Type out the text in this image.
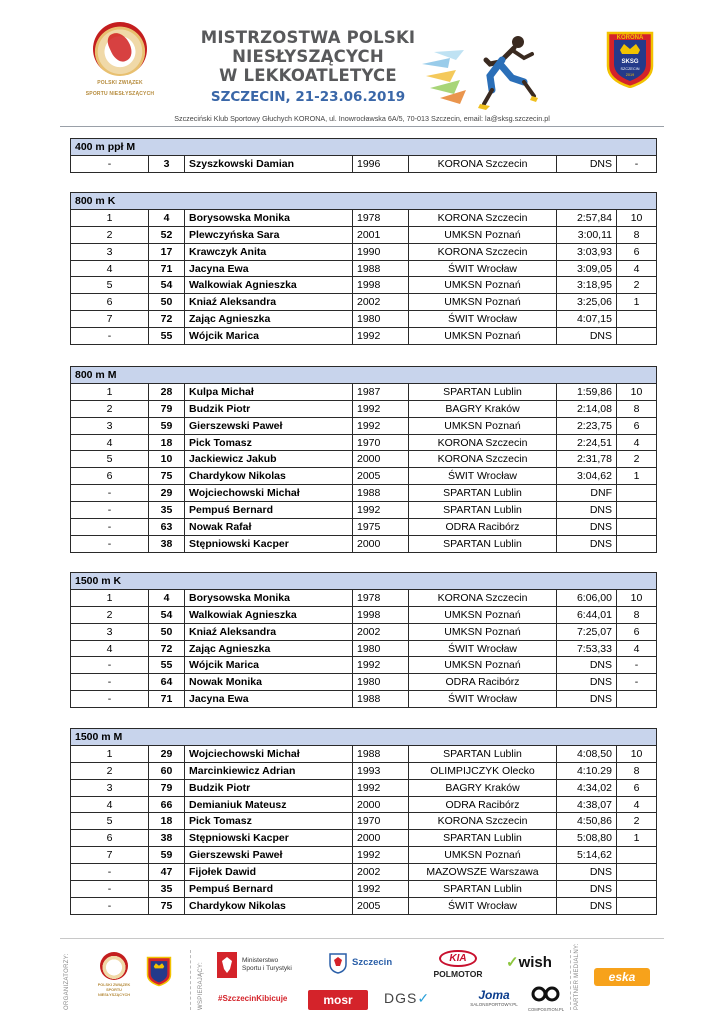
POLSKI ZWIĄZEK
SPORTU NIESŁYSZĄCYCH
MISTRZOSTWA POLSKI
NIESŁYSZĄCYCH
W LEKKOATLETYCE
SZCZECIN, 21-23.06.2019
KORONA
SKSG
SZCZECIN
2019
Szczeciński Klub Sportowy Głuchych KORONA, ul. Inowrocławska 6A/5, 70-013 Szczecin, email: la@sksg.szczecin.pl
400 m ppł M
-	3	Szyszkowski Damian	1996	KORONA Szczecin	DNS	-
800 m K						
1	4	Borysowska Monika	1978	KORONA Szczecin	2:57,84	10
2	52	Plewczyńska Sara	2001	UMKSN Poznań	3:00,11	8
3	17	Krawczyk Anita	1990	KORONA Szczecin	3:03,93	6
4	71	Jacyna Ewa	1988	ŚWIT Wrocław	3:09,05	4
5	54	Walkowiak Agnieszka	1998	UMKSN Poznań	3:18,95	2
6	50	Kniaź Aleksandra	2002	UMKSN Poznań	3:25,06	1
7	72	Zając Agnieszka	1980	ŚWIT Wrocław	4:07,15	
-	55	Wójcik Marica	1992	UMKSN Poznań	DNS	
800 m M						
1	28	Kulpa Michał	1987	SPARTAN Lublin	1:59,86	10
2	79	Budzik Piotr	1992	BAGRY Kraków	2:14,08	8
3	59	Gierszewski Paweł	1992	UMKSN Poznań	2:23,75	6
4	18	Pick Tomasz	1970	KORONA Szczecin	2:24,51	4
5	10	Jackiewicz Jakub	2000	KORONA Szczecin	2:31,78	2
6	75	Chardykow Nikolas	2005	ŚWIT Wrocław	3:04,62	1
-	29	Wojciechowski Michał	1988	SPARTAN Lublin	DNF	
-	35	Pempuś Bernard	1992	SPARTAN Lublin	DNS	
-	63	Nowak Rafał	1975	ODRA Racibórz	DNS	
-	38	Stępniowski Kacper	2000	SPARTAN Lublin	DNS	
1500 m K						
1	4	Borysowska Monika	1978	KORONA Szczecin	6:06,00	10
2	54	Walkowiak Agnieszka	1998	UMKSN Poznań	6:44,01	8
3	50	Kniaź Aleksandra	2002	UMKSN Poznań	7:25,07	6
4	72	Zając Agnieszka	1980	ŚWIT Wrocław	7:53,33	4
-	55	Wójcik Marica	1992	UMKSN Poznań	DNS	-
-	64	Nowak Monika	1980	ODRA Racibórz	DNS	-
-	71	Jacyna Ewa	1988	ŚWIT Wrocław	DNS	
1500 m M						
1	29	Wojciechowski Michał	1988	SPARTAN Lublin	4:08,50	10
2	60	Marcinkiewicz Adrian	1993	OLIMPIJCZYK Olecko	4:10.29	8
3	79	Budzik Piotr	1992	BAGRY Kraków	4:34,02	6
4	66	Demianiuk Mateusz	2000	ODRA Racibórz	4:38,07	4
5	18	Pick Tomasz	1970	KORONA Szczecin	4:50,86	2
6	38	Stępniowski Kacper	2000	SPARTAN Lublin	5:08,80	1
7	59	Gierszewski Paweł	1992	UMKSN Poznań	5:14,62	
-	47	Fijołek Dawid	2002	MAZOWSZE Warszawa	DNS	
-	35	Pempuś Bernard	1992	SPARTAN Lublin	DNS	
-	75	Chardykow Nikolas	2005	ŚWIT Wrocław	DNS	
ORGANIZATORZY:	WSPIERAJĄCY:	PARTNER MEDIALNY:
POLSKI ZWIĄZEK
SPORTU NIESŁYSZĄCYCH
Ministerstwo
Sportu i Turystyki
#SzczecinKibicuje
Szczecin	KIA
POLMOTOR
✓wish
eska
mosr	DGS✓	Joma
SALONSPORTOWY.PL
COMPOSITION.PL
